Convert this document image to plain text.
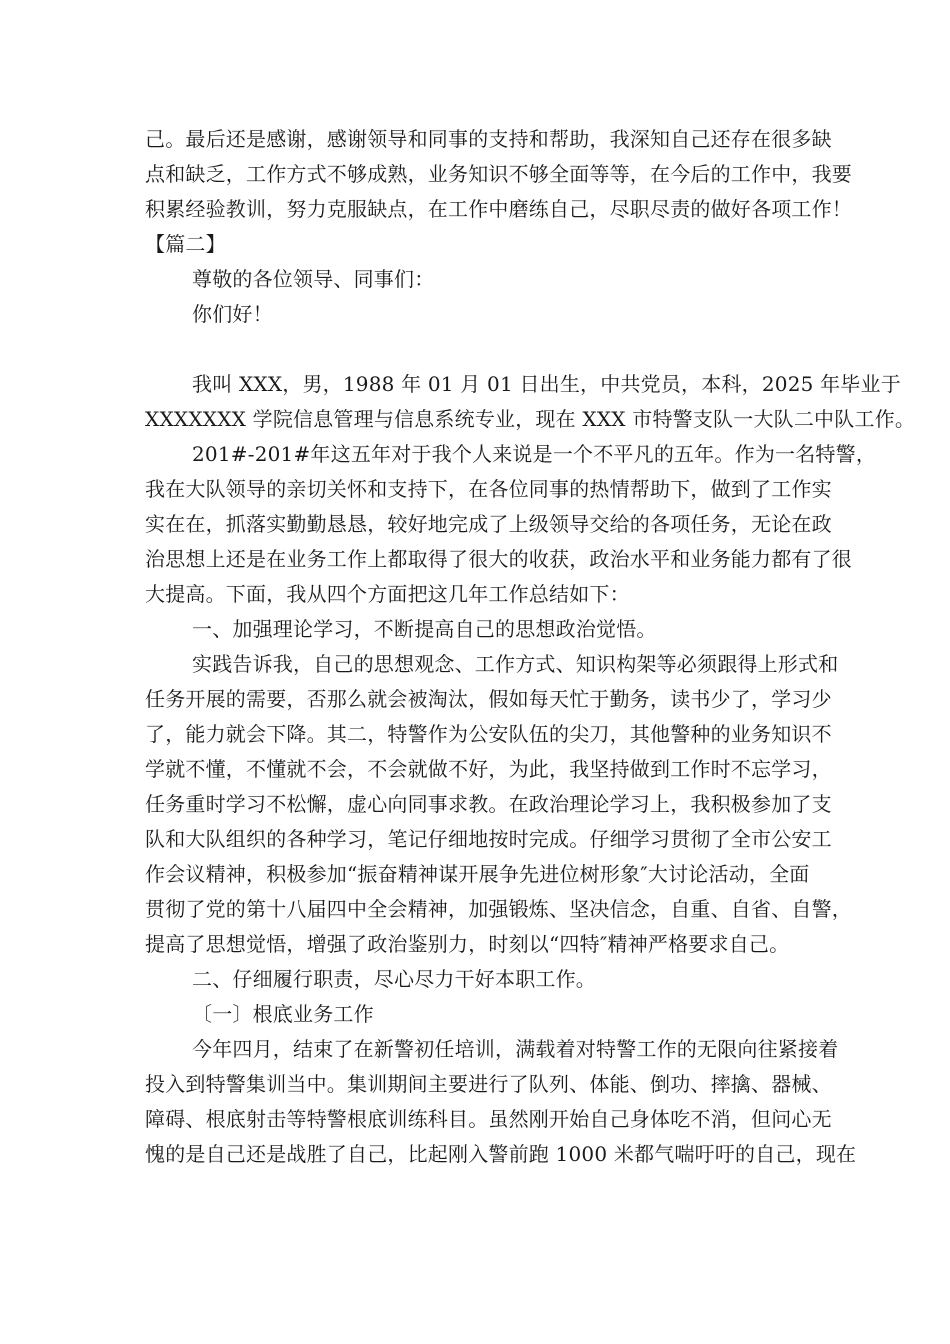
己。最后还是感谢，感谢领导和同事的支持和帮助，我深知自己还存在很多缺
点和缺乏，工作方式不够成熟，业务知识不够全面等等，在今后的工作中，我要
积累经验教训，努力克服缺点，在工作中磨练自己，尽职尽责的做好各项工作！
【篇二】
尊敬的各位领导、同事们：
你们好！
我叫 XXX，男，1988 年 01 月 01 日出生，中共党员，本科，2025 年毕业于
XXXXXXX 学院信息管理与信息系统专业，现在 XXX 市特警支队一大队二中队工作。
201#-201#年这五年对于我个人来说是一个不平凡的五年。作为一名特警，
我在大队领导的亲切关怀和支持下，在各位同事的热情帮助下，做到了工作实
实在在，抓落实勤勤恳恳，较好地完成了上级领导交给的各项任务，无论在政
治思想上还是在业务工作上都取得了很大的收获，政治水平和业务能力都有了很
大提高。下面，我从四个方面把这几年工作总结如下：
一、加强理论学习，不断提高自己的思想政治觉悟。
实践告诉我，自己的思想观念、工作方式、知识构架等必须跟得上形式和
任务开展的需要，否那么就会被淘汰，假如每天忙于勤务，读书少了，学习少
了，能力就会下降。其二，特警作为公安队伍的尖刀，其他警种的业务知识不
学就不懂，不懂就不会，不会就做不好，为此，我坚持做到工作时不忘学习，
任务重时学习不松懈，虚心向同事求教。在政治理论学习上，我积极参加了支
队和大队组织的各种学习，笔记仔细地按时完成。仔细学习贯彻了全市公安工
作会议精神，积极参加“振奋精神谋开展争先进位树形象″大讨论活动，全面
贯彻了党的第十八届四中全会精神，加强锻炼、坚决信念，自重、自省、自警，
提高了思想觉悟，增强了政治鉴别力，时刻以“四特″精神严格要求自己。
二、仔细履行职责，尽心尽力干好本职工作。
〔一〕根底业务工作
今年四月，结束了在新警初任培训，满载着对特警工作的无限向往紧接着
投入到特警集训当中。集训期间主要进行了队列、体能、倒功、摔擒、器械、
障碍、根底射击等特警根底训练科目。虽然刚开始自己身体吃不消，但问心无
愧的是自己还是战胜了自己，比起刚入警前跑 1000 米都气喘吁吁的自己，现在
